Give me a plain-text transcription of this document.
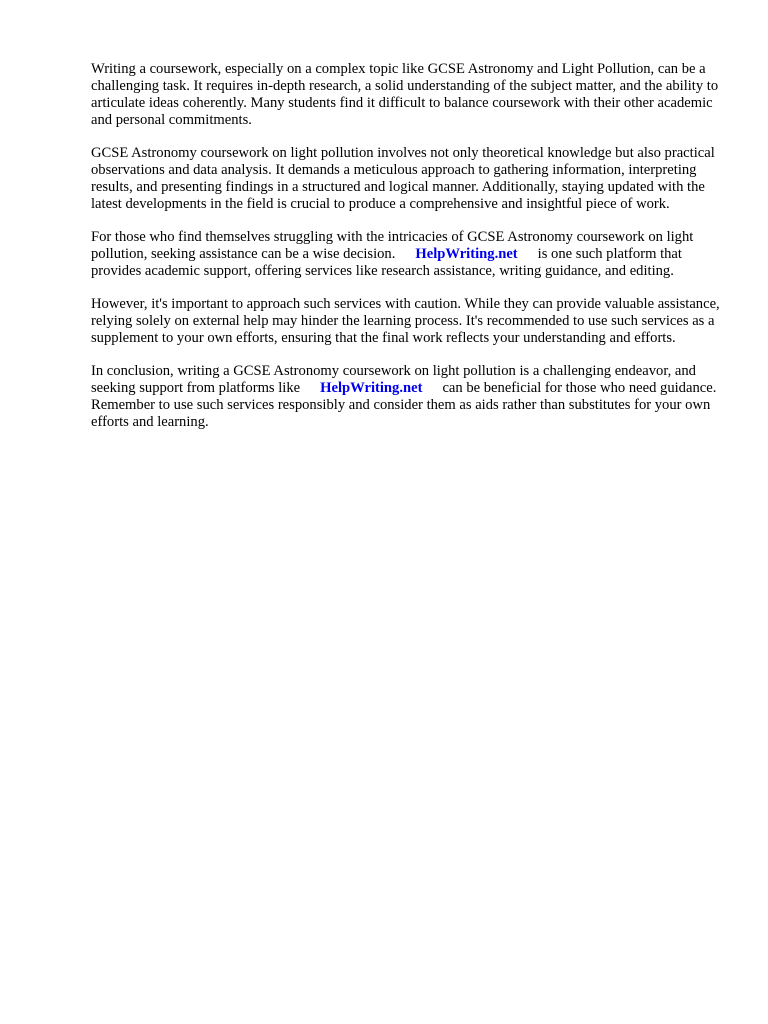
Writing a coursework, especially on a complex topic like GCSE Astronomy and Light Pollution, can be a challenging task. It requires in-depth research, a solid understanding of the subject matter, and the ability to articulate ideas coherently. Many students find it difficult to balance coursework with their other academic and personal commitments.

GCSE Astronomy coursework on light pollution involves not only theoretical knowledge but also practical observations and data analysis. It demands a meticulous approach to gathering information, interpreting results, and presenting findings in a structured and logical manner. Additionally, staying updated with the latest developments in the field is crucial to produce a comprehensive and insightful piece of work.

For those who find themselves struggling with the intricacies of GCSE Astronomy coursework on light pollution, seeking assistance can be a wise decision. HelpWriting.net is one such platform that provides academic support, offering services like research assistance, writing guidance, and editing.

However, it's important to approach such services with caution. While they can provide valuable assistance, relying solely on external help may hinder the learning process. It's recommended to use such services as a supplement to your own efforts, ensuring that the final work reflects your understanding and efforts.

In conclusion, writing a GCSE Astronomy coursework on light pollution is a challenging endeavor, and seeking support from platforms like HelpWriting.net can be beneficial for those who need guidance. Remember to use such services responsibly and consider them as aids rather than substitutes for your own efforts and learning.
